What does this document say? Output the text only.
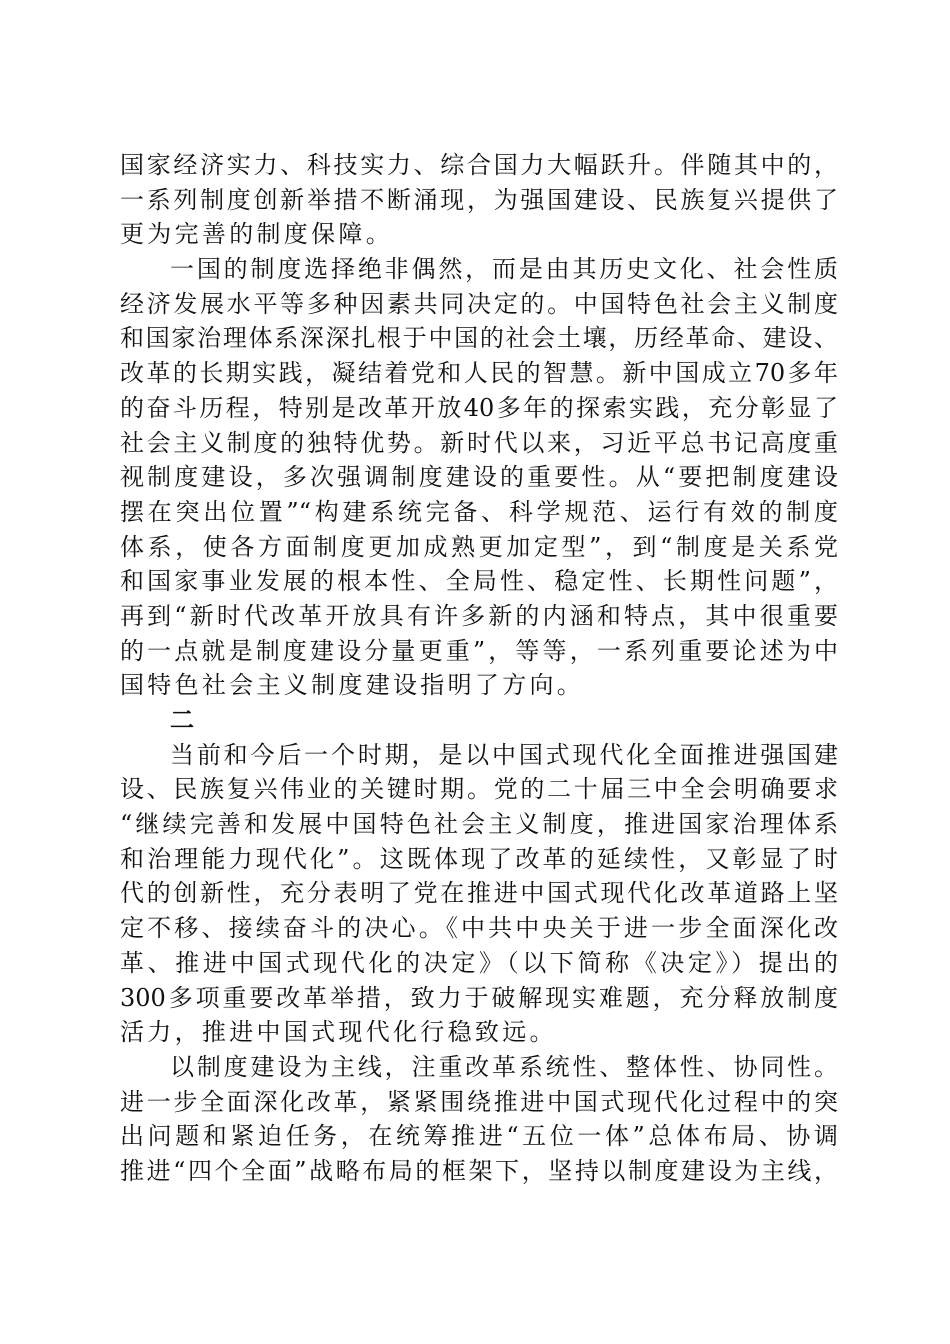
国家经济实力、科技实力、综合国力大幅跃升。伴随其中的，
一系列制度创新举措不断涌现，为强国建设、民族复兴提供了
更为完善的制度保障。
一国的制度选择绝非偶然，而是由其历史文化、社会性质
经济发展水平等多种因素共同决定的。中国特色社会主义制度
和国家治理体系深深扎根于中国的社会土壤，历经革命、建设、
改革的长期实践，凝结着党和人民的智慧。新中国成立70多年
的奋斗历程，特别是改革开放40多年的探索实践，充分彰显了
社会主义制度的独特优势。新时代以来，习近平总书记高度重
视制度建设，多次强调制度建设的重要性。从“要把制度建设
摆在突出位置”“构建系统完备、科学规范、运行有效的制度
体系，使各方面制度更加成熟更加定型”，到“制度是关系党
和国家事业发展的根本性、全局性、稳定性、长期性问题”，
再到“新时代改革开放具有许多新的内涵和特点，其中很重要
的一点就是制度建设分量更重”，等等，一系列重要论述为中
国特色社会主义制度建设指明了方向。
二
当前和今后一个时期，是以中国式现代化全面推进强国建
设、民族复兴伟业的关键时期。党的二十届三中全会明确要求
“继续完善和发展中国特色社会主义制度，推进国家治理体系
和治理能力现代化”。这既体现了改革的延续性，又彰显了时
代的创新性，充分表明了党在推进中国式现代化改革道路上坚
定不移、接续奋斗的决心。《中共中央关于进一步全面深化改
革、推进中国式现代化的决定》（以下简称《决定》）提出的
300多项重要改革举措，致力于破解现实难题，充分释放制度
活力，推进中国式现代化行稳致远。
以制度建设为主线，注重改革系统性、整体性、协同性。
进一步全面深化改革，紧紧围绕推进中国式现代化过程中的突
出问题和紧迫任务，在统筹推进“五位一体”总体布局、协调
推进“四个全面”战略布局的框架下，坚持以制度建设为主线，
